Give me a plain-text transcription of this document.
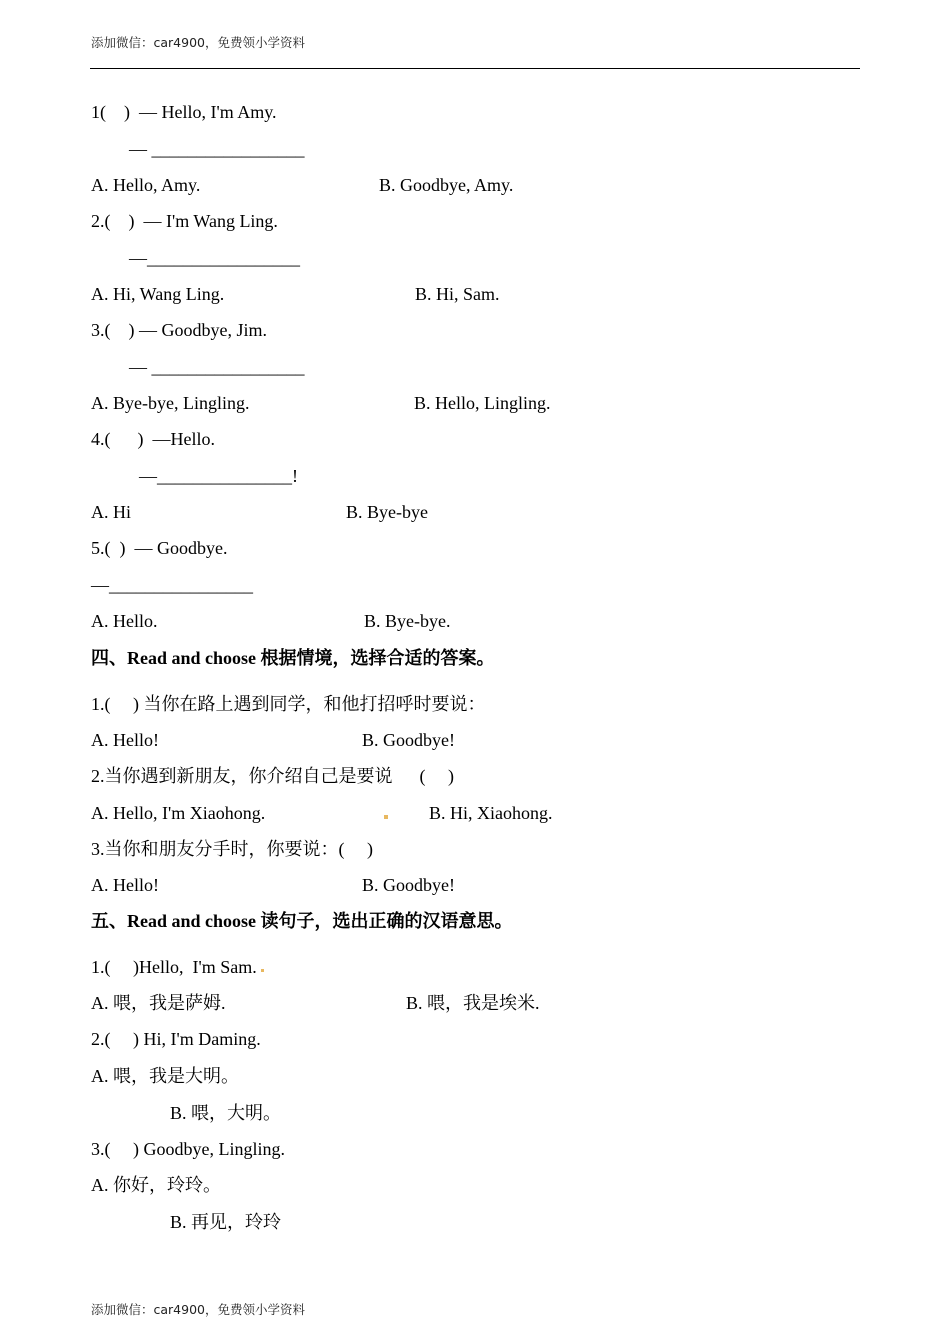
添加微信：car4900，免费领小学资料
1(    )  — Hello, I'm Amy.
— _________________
A. Hello, Amy.	B. Goodbye, Amy.
2.(    )  — I'm Wang Ling.
—_________________
A. Hi, Wang Ling.	B. Hi, Sam.
3.(    ) — Goodbye, Jim.
— _________________
A. Bye-bye, Lingling.	B. Hello, Lingling.
4.(      )  —Hello.
—_______________!
A. Hi	B. Bye-bye
5.(  )  — Goodbye.
—________________
A. Hello.	B. Bye-bye.
四、Read and choose 根据情境，选择合适的答案。
1.(     ) 当你在路上遇到同学，和他打招呼时要说：
A. Hello!	B. Goodbye!
2.当你遇到新朋友，你介绍自己是要说      (     )
A. Hello, I'm Xiaohong.	B. Hi, Xiaohong.
3.当你和朋友分手时，你要说：(     )
A. Hello!	B. Goodbye!
五、Read and choose 读句子，选出正确的汉语意思。
1.(     )Hello,  I'm Sam.
A. 喂，我是萨姆.	B. 喂，我是埃米.
2.(     ) Hi, I'm Daming.
A. 喂，我是大明。
B. 喂，大明。
3.(     ) Goodbye, Lingling.
A. 你好，玲玲。
B. 再见，玲玲
添加微信：car4900，免费领小学资料
